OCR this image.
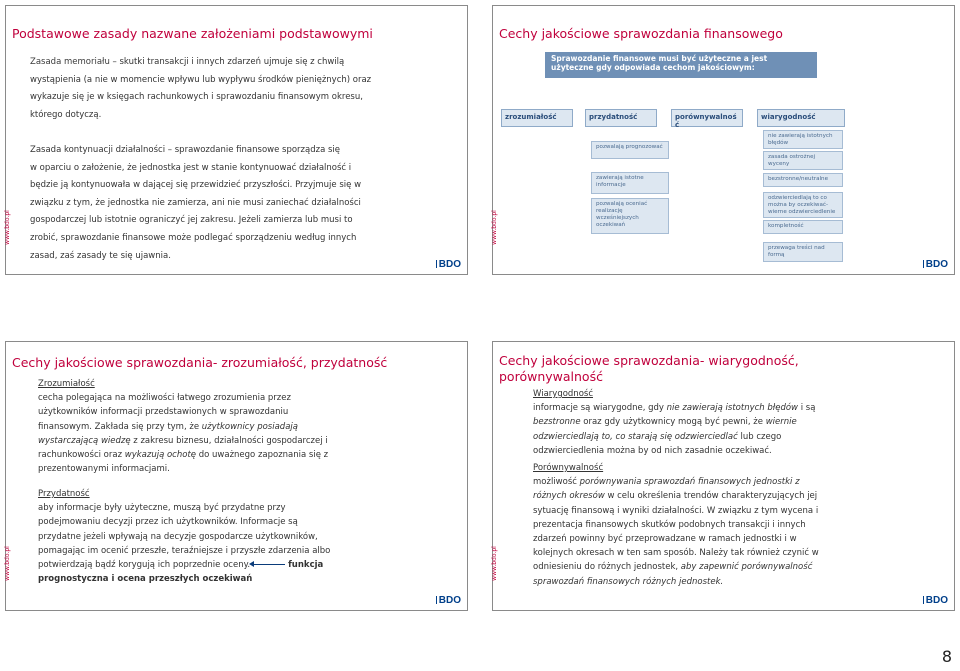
Podstawowe zasady nazwane założeniami podstawowymi
Zasada memoriału – skutki transakcji i innych zdarzeń ujmuje się z chwilą
wystąpienia (a nie w momencie wpływu lub wypływu środków pieniężnych) oraz
wykazuje się je w księgach rachunkowych i sprawozdaniu finansowym okresu,
którego dotyczą.
Zasada kontynuacji działalności – sprawozdanie finansowe sporządza się
w oparciu o założenie, że jednostka jest w stanie kontynuować działalność i
będzie ją kontynuowała w dającej się przewidzieć przyszłości. Przyjmuje się w
związku z tym, że jednostka nie zamierza, ani nie musi zaniechać działalności
gospodarczej lub istotnie ograniczyć jej zakresu. Jeżeli zamierza lub musi to
zrobić, sprawozdanie finansowe może podlegać sporządzeniu według innych
zasad, zaś zasady te się ujawnia.
www.bdo.pl
BDO
Cechy jakościowe sprawozdania finansowego
Sprawozdanie finansowe musi być użyteczne a jest użyteczne gdy odpowiada cechom jakościowym:
zrozumiałość	przydatność	porównywalnoś ć
wiarygodność
pozwalają prognozować
zawierają istotne informacje
pozwalają oceniać realizację wcześniejszych oczekiwań
nie zawierają istotnych błędów
zasada ostrożnej wyceny
bezstronne/neutralne
odzwierciedlają to co można by oczekiwać- wierne odzwierciedlenie
kompletność
przewaga treści nad formą
www.bdo.pl
BDO
Cechy jakościowe sprawozdania- zrozumiałość, przydatność
Zrozumiałość
cecha polegająca na możliwości łatwego zrozumienia przez
użytkowników informacji przedstawionych w sprawozdaniu
finansowym. Zakłada się przy tym, że użytkownicy posiadają
wystarczającą wiedzę z zakresu biznesu, działalności gospodarczej i
rachunkowości oraz wykazują ochotę do uważnego zapoznania się z
prezentowanymi informacjami.
Przydatność
aby informacje były użyteczne, muszą być przydatne przy
podejmowaniu decyzji przez ich użytkowników. Informacje są
przydatne jeżeli wpływają na decyzje gospodarcze użytkowników,
pomagając im ocenić przeszłe, teraźniejsze i przyszłe zdarzenia albo
potwierdzają bądź korygują ich poprzednie oceny.	funkcja
prognostyczna i ocena przeszłych oczekiwań
www.bdo.pl
BDO
Cechy jakościowe sprawozdania- wiarygodność,
porównywalność
Wiarygodność
informacje są wiarygodne, gdy nie zawierają istotnych błędów i są
bezstronne oraz gdy użytkownicy mogą być pewni, że wiernie
odzwierciedlają to, co starają się odzwierciedlać lub czego
odzwierciedlenia można by od nich zasadnie oczekiwać.
Porównywalność
możliwość porównywania sprawozdań finansowych jednostki z
różnych okresów w celu określenia trendów charakteryzujących jej
sytuację finansową i wyniki działalności. W związku z tym wycena i
prezentacja finansowych skutków podobnych transakcji i innych
zdarzeń powinny być przeprowadzane w ramach jednostki i w
kolejnych okresach w ten sam sposób. Należy tak również czynić w
odniesieniu do różnych jednostek, aby zapewnić porównywalność
sprawozdań finansowych różnych jednostek.
www.bdo.pl
BDO
8
